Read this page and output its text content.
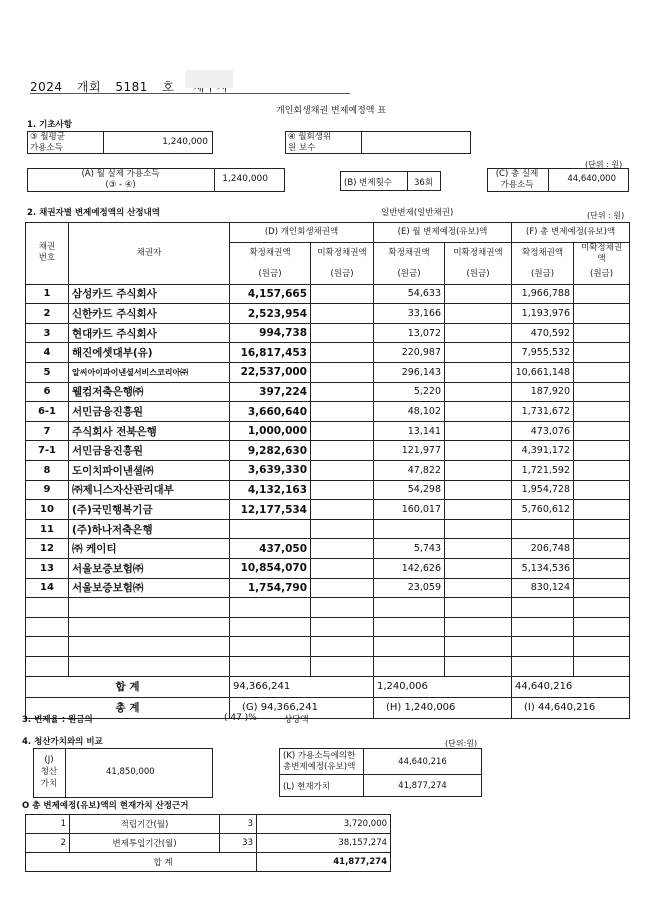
2024 개회 5181 호
개인회생채권 변제예정액 표
1. 기초사항
③ 월평균
가용소득
1,240,000	④ 월회생위
원 보수
(단위 : 원)
(A) 월 실제 가용소득
(③ - ④)
1,240,000	(B) 변제횟수	36회
(C) 총 실제
가용소득
44,640,000
2. 채권자별 변제예정액의 산정내역	일반변제(일반채권)	(단위 : 원)
채권
번호	채권자	(D) 개인회생채권액		(E) 월 변제예정(유보)액		(F) 총 변제예정(유보)액	
		확정채권액	미확정채권액	확정채권액	미확정채권액	확정채권액	미확정채권액
		(원금)	(원금)	(원금)	(원금)	(원금)	(원금)
1	삼성카드 주식회사	4,157,665		54,633		1,966,788	
2	신한카드 주식회사	2,523,954		33,166		1,193,976	
3	현대카드 주식회사	994,738		13,072		470,592	
4	해진에셋대부(유)	16,817,453		220,987		7,955,532	
5	알씨아이파이낸셜서비스코리아㈜	22,537,000		296,143		10,661,148	
6	웰컴저축은행㈜	397,224		5,220		187,920	
6-1	서민금융진흥원	3,660,640		48,102		1,731,672	
7	주식회사 전북은행	1,000,000		13,141		473,076	
7-1	서민금융진흥원	9,282,630		121,977		4,391,172	
8	도이치파이낸셜㈜	3,639,330		47,822		1,721,592	
9	㈜제니스자산관리대부	4,132,163		54,298		1,954,728	
10	(주)국민행복기금	12,177,534		160,017		5,760,612	
11	(주)하나저축은행						
12	㈜ 케이티	437,050		5,743		206,748	
13	서울보증보험㈜	10,854,070		142,626		5,134,536	
14	서울보증보험㈜	1,754,790		23,059		830,124	

합 계		94,366,241		1,240,006		44,640,216	
총 계		(G) 94,366,241		(H) 1,240,006		(I) 44,640,216	
3. 변제율 : 원금의	( 47 )%	상당액
4. 청산가치와의 비교	(단위:원)
(J)
청산
가치
41,850,000
(K) 가용소득에의한
총변제예정(유보)액	44,640,216
(L) 현재가치	41,877,274
O 총 변제예정(유보)액의 현재가치 산정근거
1	적립기간(월)	3	3,720,000
2	변제투입기간(월)	33	38,157,274
	합 계		41,877,274
